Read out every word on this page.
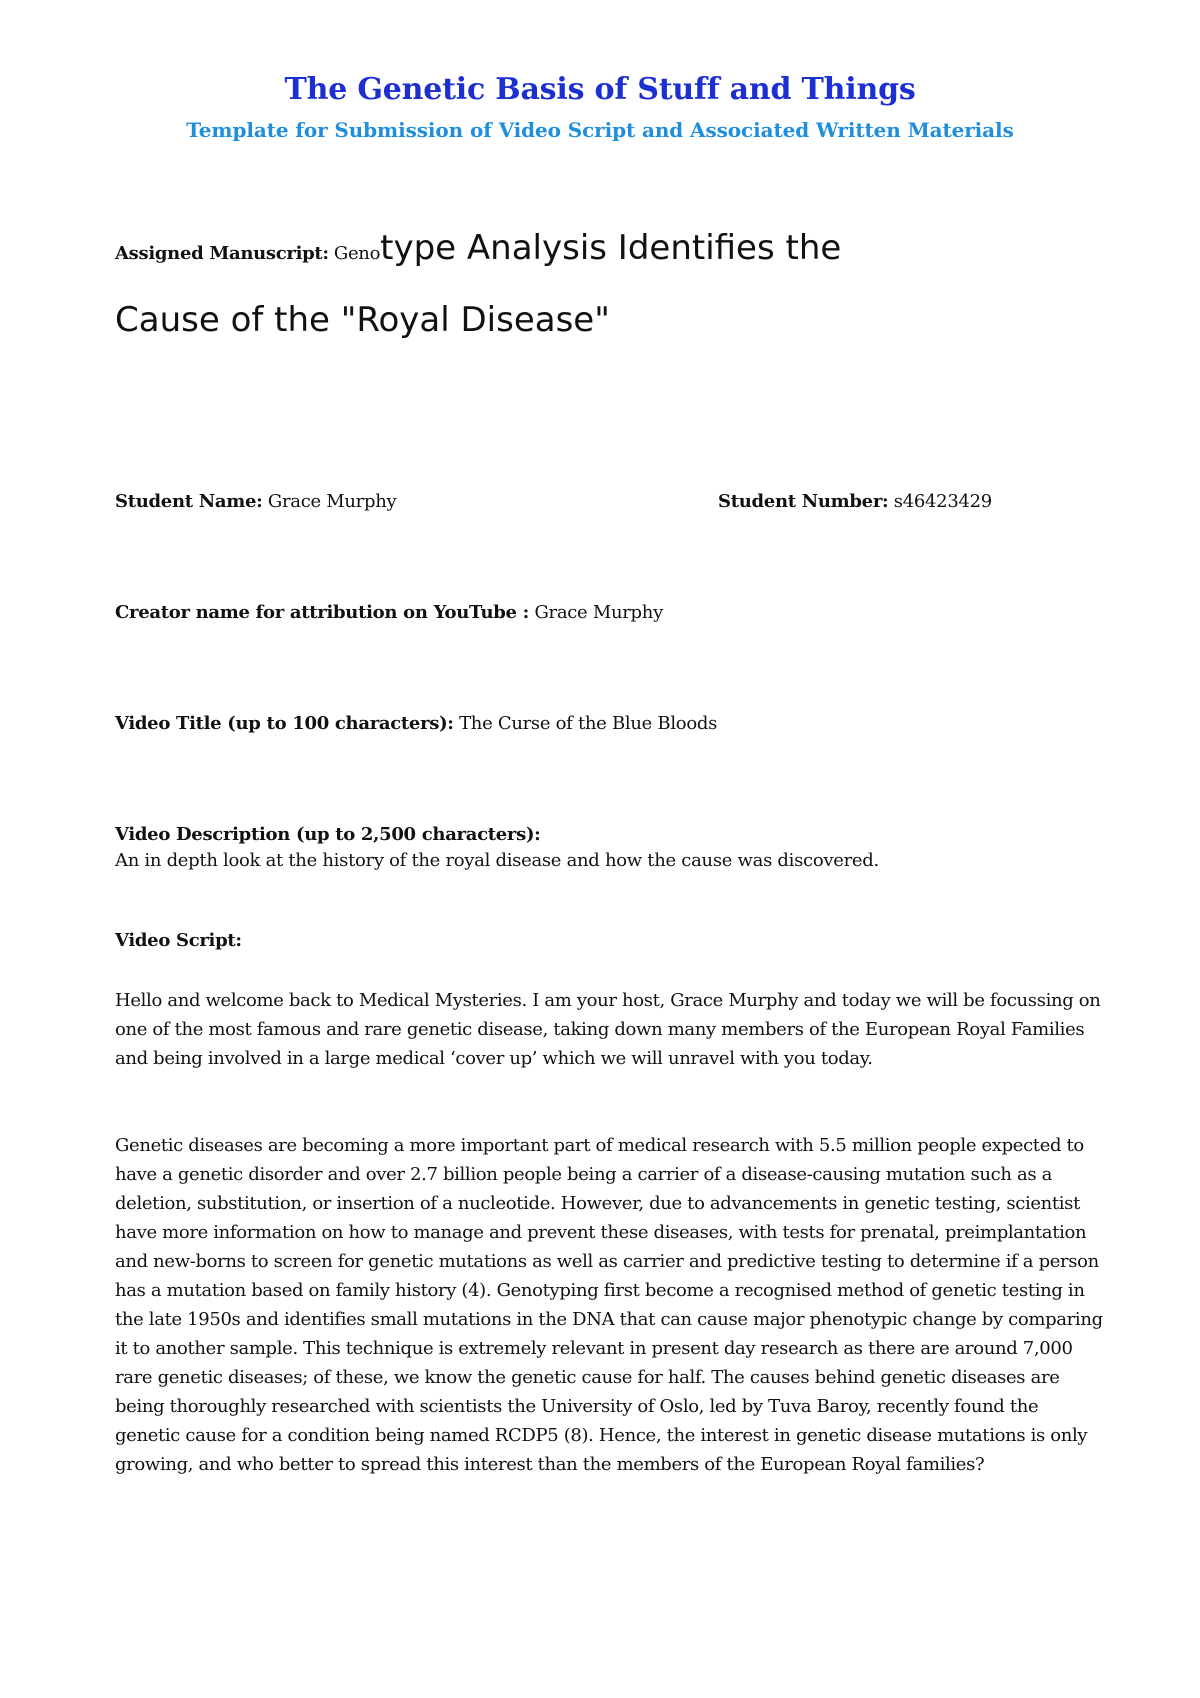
The Genetic Basis of Stuff and Things
Template for Submission of Video Script and Associated Written Materials
Assigned Manuscript: Genotype Analysis Identifies the
Cause of the "Royal Disease"
Student Name: Grace Murphy	Student Number: s46423429
Creator name for attribution on YouTube : Grace Murphy
Video Title (up to 100 characters): The Curse of the Blue Bloods
Video Description (up to 2,500 characters):
An in depth look at the history of the royal disease and how the cause was discovered.
Video Script:
Hello and welcome back to Medical Mysteries. I am your host, Grace Murphy and today we will be focussing on one of the most famous and rare genetic disease, taking down many members of the European Royal Families and being involved in a large medical ‘cover up’ which we will unravel with you today.
Genetic diseases are becoming a more important part of medical research with 5.5 million people expected to have a genetic disorder and over 2.7 billion people being a carrier of a disease-causing mutation such as a deletion, substitution, or insertion of a nucleotide. However, due to advancements in genetic testing, scientist have more information on how to manage and prevent these diseases, with tests for prenatal, preimplantation and new-borns to screen for genetic mutations as well as carrier and predictive testing to determine if a person has a mutation based on family history (4). Genotyping first become a recognised method of genetic testing in the late 1950s and identifies small mutations in the DNA that can cause major phenotypic change by comparing it to another sample. This technique is extremely relevant in present day research as there are around 7,000 rare genetic diseases; of these, we know the genetic cause for half. The causes behind genetic diseases are being thoroughly researched with scientists the University of Oslo, led by Tuva Baroy, recently found the genetic cause for a condition being named RCDP5 (8). Hence, the interest in genetic disease mutations is only growing, and who better to spread this interest than the members of the European Royal families?
